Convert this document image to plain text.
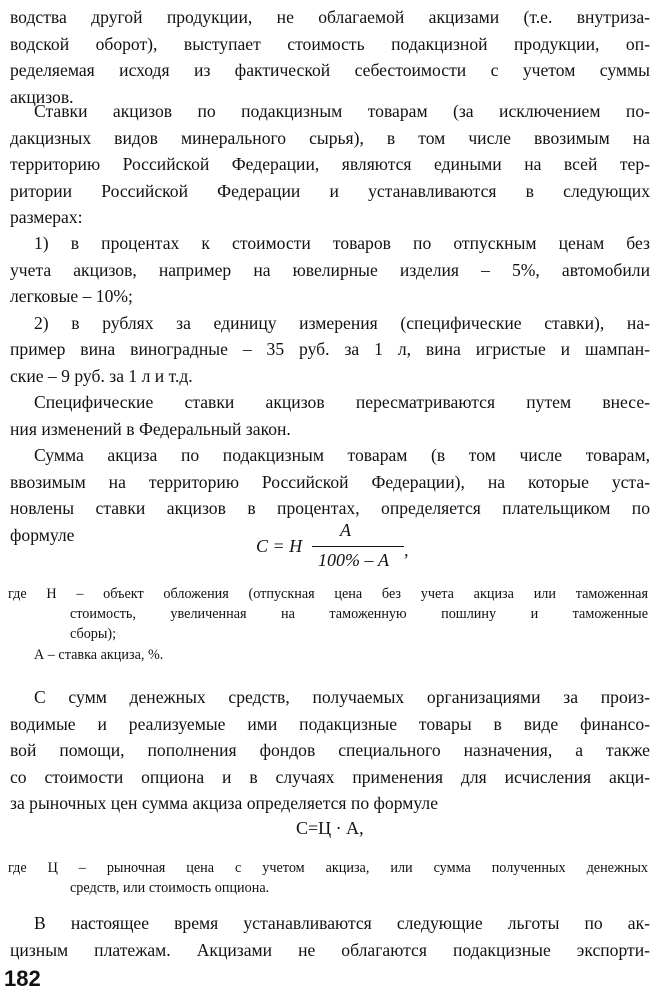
водства другой продукции, не облагаемой акцизами (т.е. внутриза-
водской оборот), выступает стоимость подакцизной продукции, оп-
ределяемая исходя из фактической себестоимости с учетом суммы
акцизов.
Ставки акцизов по подакцизным товарам (за исключением по-
дакцизных видов минерального сырья), в том числе ввозимым на
территорию Российской Федерации, являются едиными на всей тер-
ритории Российской Федерации и устанавливаются в следующих
размерах:
1) в процентах к стоимости товаров по отпускным ценам без
учета акцизов, например на ювелирные изделия – 5%, автомобили
легковые – 10%;
2) в рублях за единицу измерения (специфические ставки), на-
пример вина виноградные – 35 руб. за 1 л, вина игристые и шампан-
ские – 9 руб. за 1 л и т.д.
Специфические ставки акцизов пересматриваются путем внесе-
ния изменений в Федеральный закон.
Сумма акциза по подакцизным товарам (в том числе товарам,
ввозимым на территорию Российской Федерации), на которые уста-
новлены ставки акцизов в процентах, определяется плательщиком по
формуле
С = Н
А
100% – А ,
где Н – объект обложения (отпускная цена без учета акциза или таможенная
стоимость, увеличенная на таможенную пошлину и таможенные
сборы);
А – ставка акциза, %.
С сумм денежных средств, получаемых организациями за произ-
водимые и реализуемые ими подакцизные товары в виде финансо-
вой помощи, пополнения фондов специального назначения, а также
со стоимости опциона и в случаях применения для исчисления акци-
за рыночных цен сумма акциза определяется по формуле
С=Ц · А,
где Ц – рыночная цена с учетом акциза, или сумма полученных денежных
средств, или стоимость опциона.
В настоящее время устанавливаются следующие льготы по ак-
цизным платежам. Акцизами не облагаются подакцизные экспорти-
182
